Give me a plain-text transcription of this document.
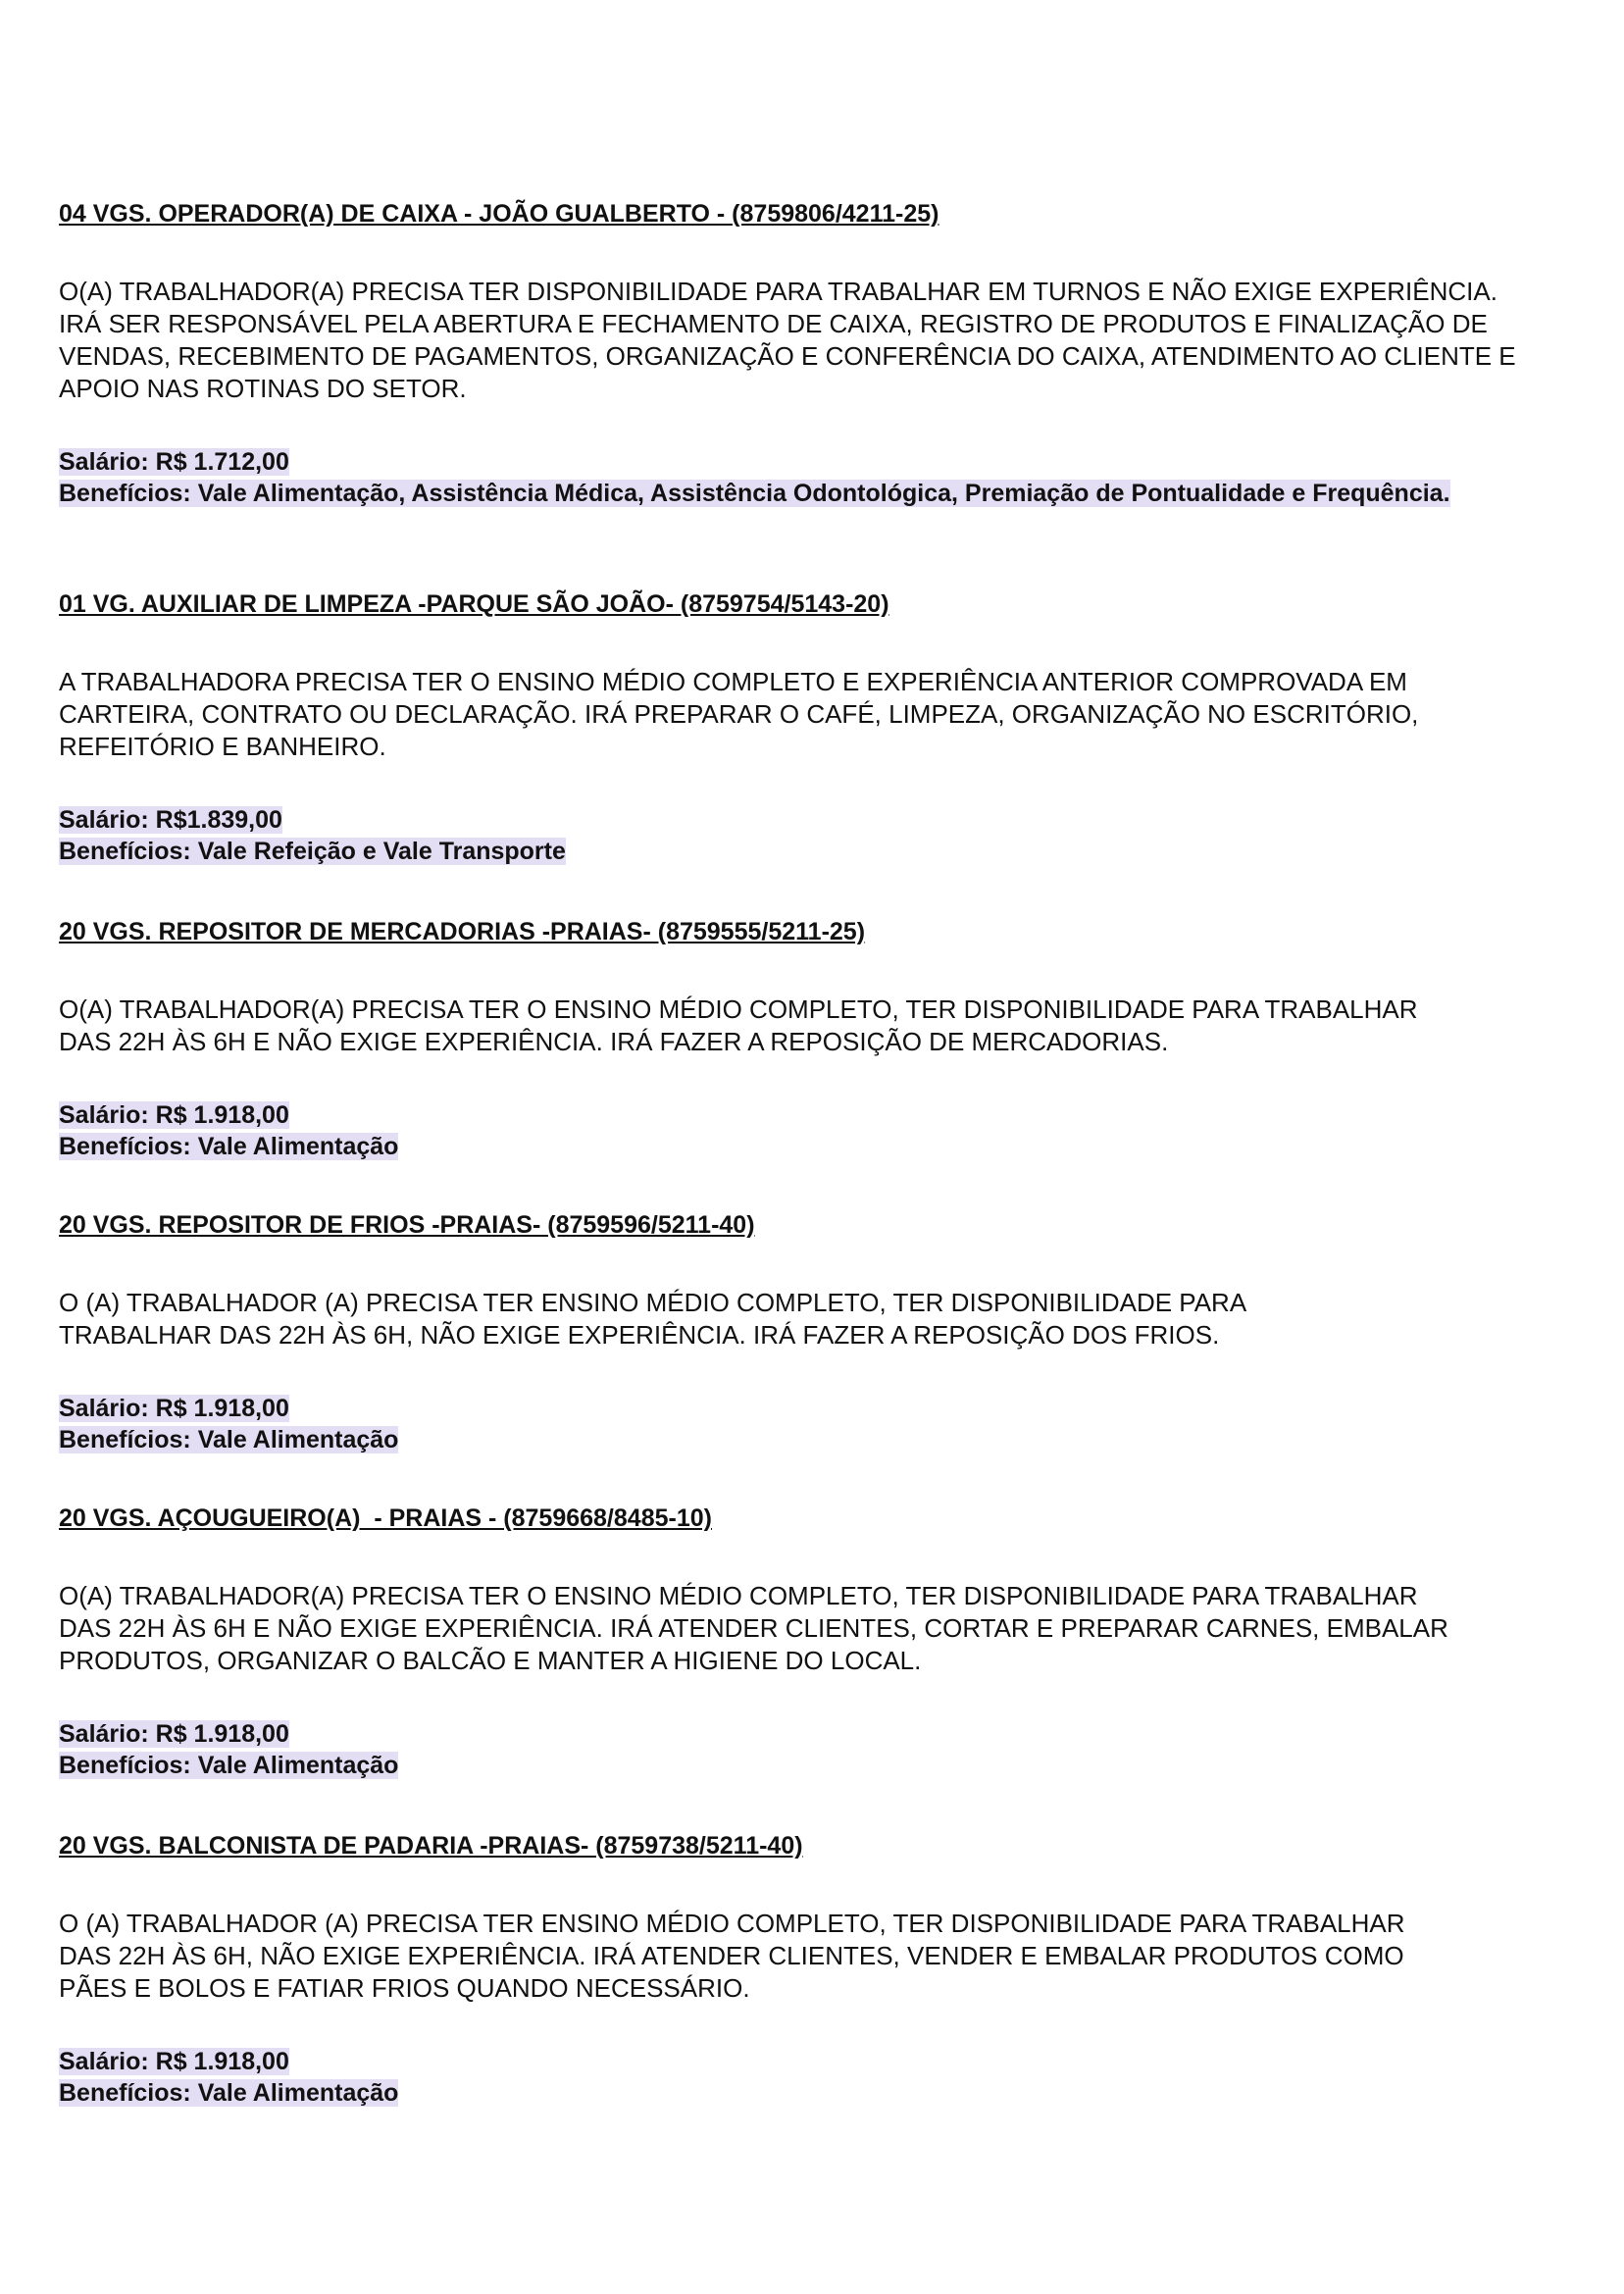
04 VGS. OPERADOR(A) DE CAIXA - JOÃO GUALBERTO - (8759806/4211-25)

O(A) TRABALHADOR(A) PRECISA TER DISPONIBILIDADE PARA TRABALHAR EM TURNOS E NÃO EXIGE EXPERIÊNCIA. IRÁ SER RESPONSÁVEL PELA ABERTURA E FECHAMENTO DE CAIXA, REGISTRO DE PRODUTOS E FINALIZAÇÃO DE VENDAS, RECEBIMENTO DE PAGAMENTOS, ORGANIZAÇÃO E CONFERÊNCIA DO CAIXA, ATENDIMENTO AO CLIENTE E APOIO NAS ROTINAS DO SETOR.

Salário: R$ 1.712,00
Benefícios: Vale Alimentação, Assistência Médica, Assistência Odontológica, Premiação de Pontualidade e Frequência.

01 VG. AUXILIAR DE LIMPEZA -PARQUE SÃO JOÃO- (8759754/5143-20)

A TRABALHADORA PRECISA TER O ENSINO MÉDIO COMPLETO E EXPERIÊNCIA ANTERIOR COMPROVADA EM CARTEIRA, CONTRATO OU DECLARAÇÃO. IRÁ PREPARAR O CAFÉ, LIMPEZA, ORGANIZAÇÃO NO ESCRITÓRIO, REFEITÓRIO E BANHEIRO.

Salário: R$1.839,00
Benefícios: Vale Refeição e Vale Transporte

20 VGS. REPOSITOR DE MERCADORIAS -PRAIAS- (8759555/5211-25)

O(A) TRABALHADOR(A) PRECISA TER O ENSINO MÉDIO COMPLETO, TER DISPONIBILIDADE PARA TRABALHAR DAS 22H ÀS 6H E NÃO EXIGE EXPERIÊNCIA. IRÁ FAZER A REPOSIÇÃO DE MERCADORIAS.

Salário: R$ 1.918,00
Benefícios: Vale Alimentação

20 VGS. REPOSITOR DE FRIOS -PRAIAS- (8759596/5211-40)

O (A) TRABALHADOR (A) PRECISA TER ENSINO MÉDIO COMPLETO, TER DISPONIBILIDADE PARA TRABALHAR DAS 22H ÀS 6H, NÃO EXIGE EXPERIÊNCIA. IRÁ FAZER A REPOSIÇÃO DOS FRIOS.

Salário: R$ 1.918,00
Benefícios: Vale Alimentação

20 VGS. AÇOUGUEIRO(A)  - PRAIAS - (8759668/8485-10)

O(A) TRABALHADOR(A) PRECISA TER O ENSINO MÉDIO COMPLETO, TER DISPONIBILIDADE PARA TRABALHAR DAS 22H ÀS 6H E NÃO EXIGE EXPERIÊNCIA. IRÁ ATENDER CLIENTES, CORTAR E PREPARAR CARNES, EMBALAR PRODUTOS, ORGANIZAR O BALCÃO E MANTER A HIGIENE DO LOCAL.

Salário: R$ 1.918,00
Benefícios: Vale Alimentação

20 VGS. BALCONISTA DE PADARIA -PRAIAS- (8759738/5211-40)

O (A) TRABALHADOR (A) PRECISA TER ENSINO MÉDIO COMPLETO, TER DISPONIBILIDADE PARA TRABALHAR DAS 22H ÀS 6H, NÃO EXIGE EXPERIÊNCIA. IRÁ ATENDER CLIENTES, VENDER E EMBALAR PRODUTOS COMO PÃES E BOLOS E FATIAR FRIOS QUANDO NECESSÁRIO.

Salário: R$ 1.918,00
Benefícios: Vale Alimentação
